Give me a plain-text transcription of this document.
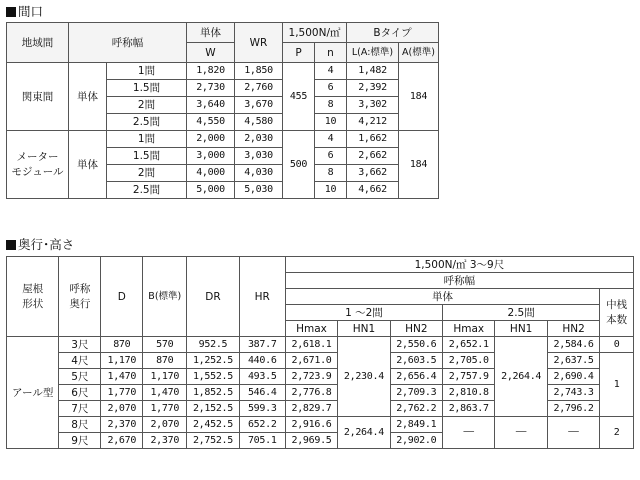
間口
地域間	呼称幅		単体	WR	1,500N/㎡		Bタイプ	
			W		P	n	L(A:標準)	A(標準)
関東間	単体	1間	1,820	1,850	455	4	1,482	184
		1.5間	2,730	2,760		6	2,392	
		2間	3,640	3,670		8	3,302	
		2.5間	4,550	4,580		10	4,212	
メーター
モジュール	単体	1間	2,000	2,030	500	4	1,662	184
		1.5間	3,000	3,030		6	2,662	
		2間	4,000	4,030		8	3,662	
		2.5間	5,000	5,030		10	4,662	
奥行･高さ
屋根
形状	呼称
奥行	D	B(標準)	DR	HR	1,500N/㎡ 3～9尺						
						呼称幅						
						単体						中桟
本数
						1 ～2間			2.5間			
						Hmax	HN1	HN2	Hmax	HN1	HN2	
アール型	3尺	870	570	952.5	387.7	2,618.1	2,230.4	2,550.6	2,652.1	2,264.4	2,584.6	0
	4尺	1,170	870	1,252.5	440.6	2,671.0		2,603.5	2,705.0		2,637.5	1
	5尺	1,470	1,170	1,552.5	493.5	2,723.9		2,656.4	2,757.9		2,690.4	
	6尺	1,770	1,470	1,852.5	546.4	2,776.8		2,709.3	2,810.8		2,743.3	
	7尺	2,070	1,770	2,152.5	599.3	2,829.7		2,762.2	2,863.7		2,796.2	
	8尺	2,370	2,070	2,452.5	652.2	2,916.6	2,264.4	2,849.1	－	－	－	2
	9尺	2,670	2,370	2,752.5	705.1	2,969.5		2,902.0				
